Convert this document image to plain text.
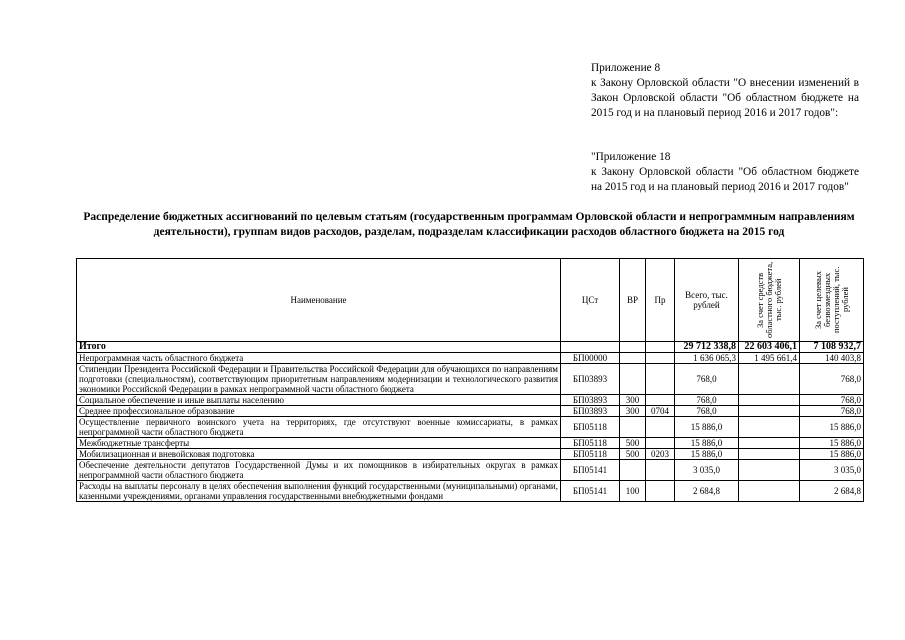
Приложение 8

к Закону Орловской области "О внесении изменений в Закон Орловской области "Об областном бюджете на 2015 год и на плановый период 2016 и 2017 годов":

"Приложение 18

к Закону Орловской области "Об областном бюджете на 2015 год и на плановый период 2016 и 2017 годов"

Распределение бюджетных ассигнований по целевым статьям (государственным программам Орловской области и непрограммным направлениям деятельности), группам видов расходов, разделам, подразделам классификации расходов областного бюджета на 2015 год
Наименование	ЦСт	ВР	Пр	Всего, тыс. рублей	За счет средств областного бюджета, тыс. рублей	За счет целевых безвозмездных поступлений, тыс. рублей

Итого				29 712 338,8	22 603 406,1	7 108 932,7
Непрограммная часть областного бюджета	БП00000			1 636 065,3	1 495 661,4	140 403,8
Стипендии Президента Российской Федерации и Правительства Российской Федерации для обучающихся по направлениям подготовки (специальностям), соответствующим приоритетным направлениям модернизации и технологического развития экономики Российской Федерации в рамках непрограммной части областного бюджета	БП03893			768,0		768,0
Социальное обеспечение и иные выплаты населению	БП03893	300		768,0		768,0
Среднее профессиональное образование	БП03893	300	0704	768,0		768,0
Осуществление первичного воинского учета на территориях, где отсутствуют военные комиссариаты, в рамках непрограммной части областного бюджета	БП05118			15 886,0		15 886,0
Межбюджетные трансферты	БП05118	500		15 886,0		15 886,0
Мобилизационная и вневойсковая подготовка	БП05118	500	0203	15 886,0		15 886,0
Обеспечение деятельности депутатов Государственной Думы и их помощников в избирательных округах в рамках непрограммной части областного бюджета	БП05141			3 035,0		3 035,0
Расходы на выплаты персоналу в целях обеспечения выполнения функций государственными (муниципальными) органами, казенными учреждениями, органами управления государственными внебюджетными фондами	БП05141	100		2 684,8		2 684,8
